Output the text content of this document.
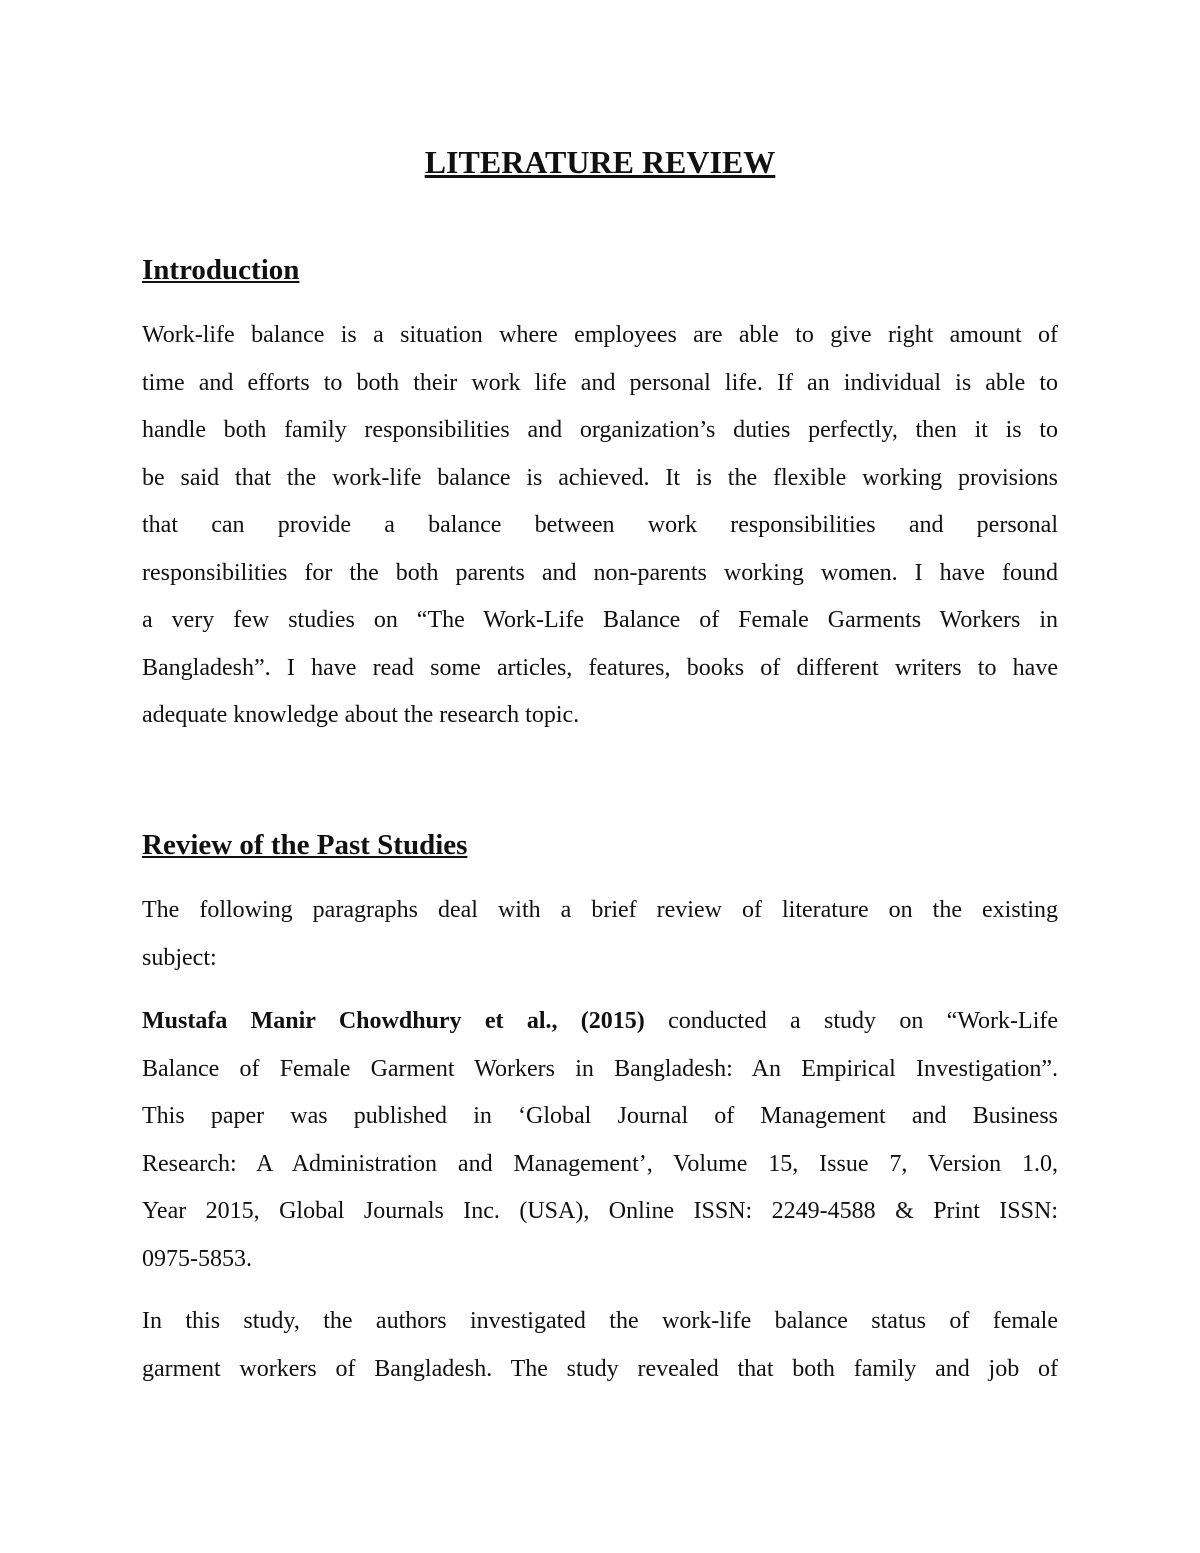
LITERATURE REVIEW
Introduction
Work-life balance is a situation where employees are able to give right amount of
time and efforts to both their work life and personal life. If an individual is able to
handle both family responsibilities and organization’s duties perfectly, then it is to
be said that the work-life balance is achieved. It is the flexible working provisions
that can provide a balance between work responsibilities and personal
responsibilities for the both parents and non-parents working women. I have found
a very few studies on “The Work-Life Balance of Female Garments Workers in
Bangladesh”. I have read some articles, features, books of different writers to have
adequate knowledge about the research topic.
Review of the Past Studies
The following paragraphs deal with a brief review of literature on the existing
subject:
Mustafa Manir Chowdhury et al., (2015) conducted a study on “Work-Life
Balance of Female Garment Workers in Bangladesh: An Empirical Investigation”.
This paper was published in ‘Global Journal of Management and Business
Research: A Administration and Management’, Volume 15, Issue 7, Version 1.0,
Year 2015, Global Journals Inc. (USA), Online ISSN: 2249-4588 & Print ISSN:
0975-5853.
In this study, the authors investigated the work-life balance status of female
garment workers of Bangladesh. The study revealed that both family and job of
